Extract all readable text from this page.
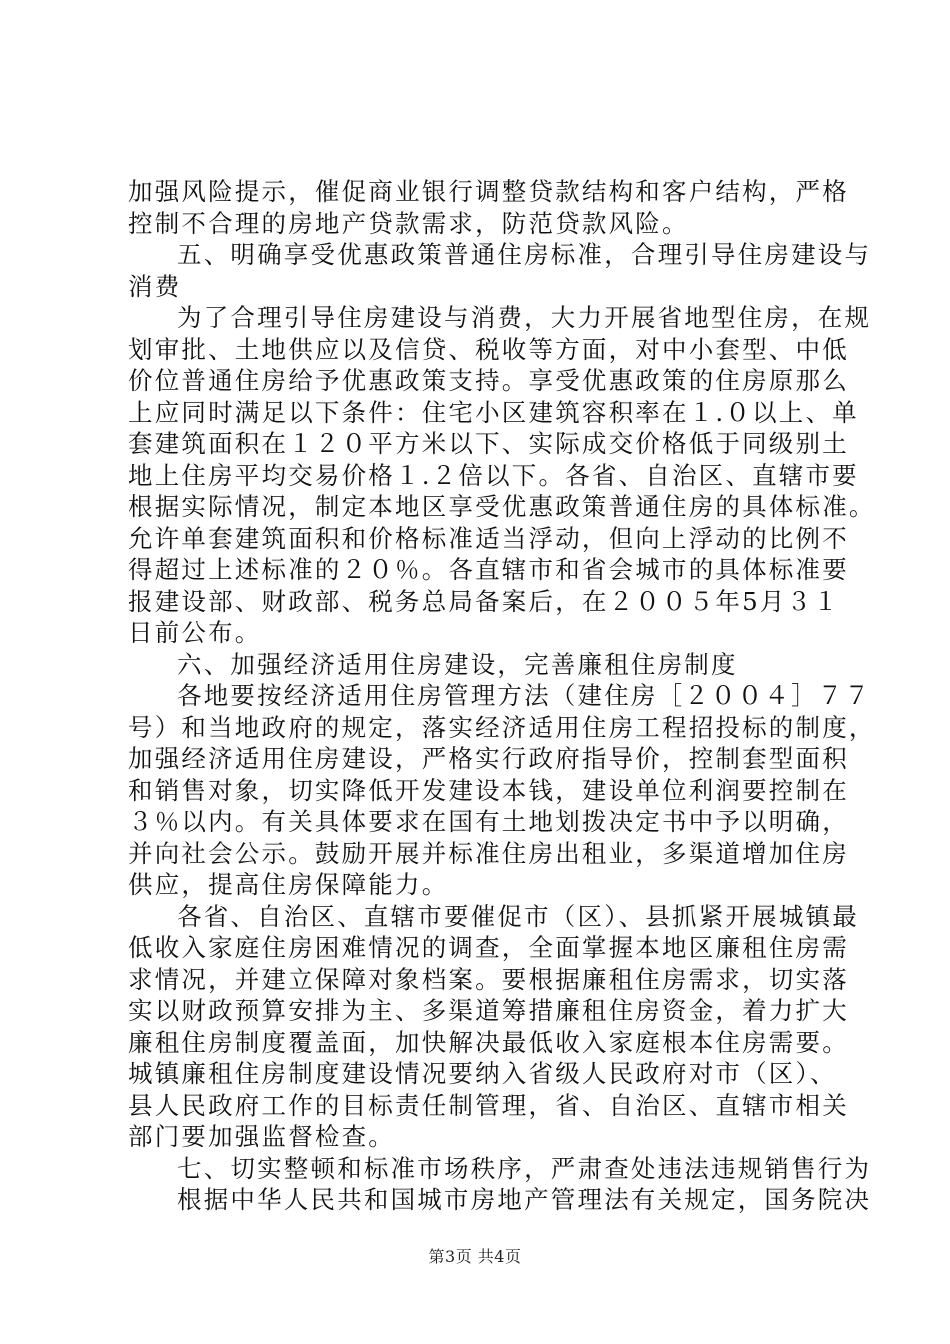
加强风险提示，催促商业银行调整贷款结构和客户结构，严格
控制不合理的房地产贷款需求，防范贷款风险。
五、明确享受优惠政策普通住房标准，合理引导住房建设与
消费
为了合理引导住房建设与消费，大力开展省地型住房，在规
划审批、土地供应以及信贷、税收等方面，对中小套型、中低
价位普通住房给予优惠政策支持。享受优惠政策的住房原那么
上应同时满足以下条件：住宅小区建筑容积率在１.０以上、单
套建筑面积在１２０平方米以下、实际成交价格低于同级别土
地上住房平均交易价格１.２倍以下。各省、自治区、直辖市要
根据实际情况，制定本地区享受优惠政策普通住房的具体标准。
允许单套建筑面积和价格标准适当浮动，但向上浮动的比例不
得超过上述标准的２０％。各直辖市和省会城市的具体标准要
报建设部、财政部、税务总局备案后，在２００５年5月３１
日前公布。
六、加强经济适用住房建设，完善廉租住房制度
各地要按经济适用住房管理方法（建住房［２００４］７７
号）和当地政府的规定，落实经济适用住房工程招投标的制度，
加强经济适用住房建设，严格实行政府指导价，控制套型面积
和销售对象，切实降低开发建设本钱，建设单位利润要控制在
３％以内。有关具体要求在国有土地划拨决定书中予以明确，
并向社会公示。鼓励开展并标准住房出租业，多渠道增加住房
供应，提高住房保障能力。
各省、自治区、直辖市要催促市（区）、县抓紧开展城镇最
低收入家庭住房困难情况的调查，全面掌握本地区廉租住房需
求情况，并建立保障对象档案。要根据廉租住房需求，切实落
实以财政预算安排为主、多渠道筹措廉租住房资金，着力扩大
廉租住房制度覆盖面，加快解决最低收入家庭根本住房需要。
城镇廉租住房制度建设情况要纳入省级人民政府对市（区）、
县人民政府工作的目标责任制管理，省、自治区、直辖市相关
部门要加强监督检查。
七、切实整顿和标准市场秩序，严肃查处违法违规销售行为
根据中华人民共和国城市房地产管理法有关规定，国务院决
第3页 共4页
